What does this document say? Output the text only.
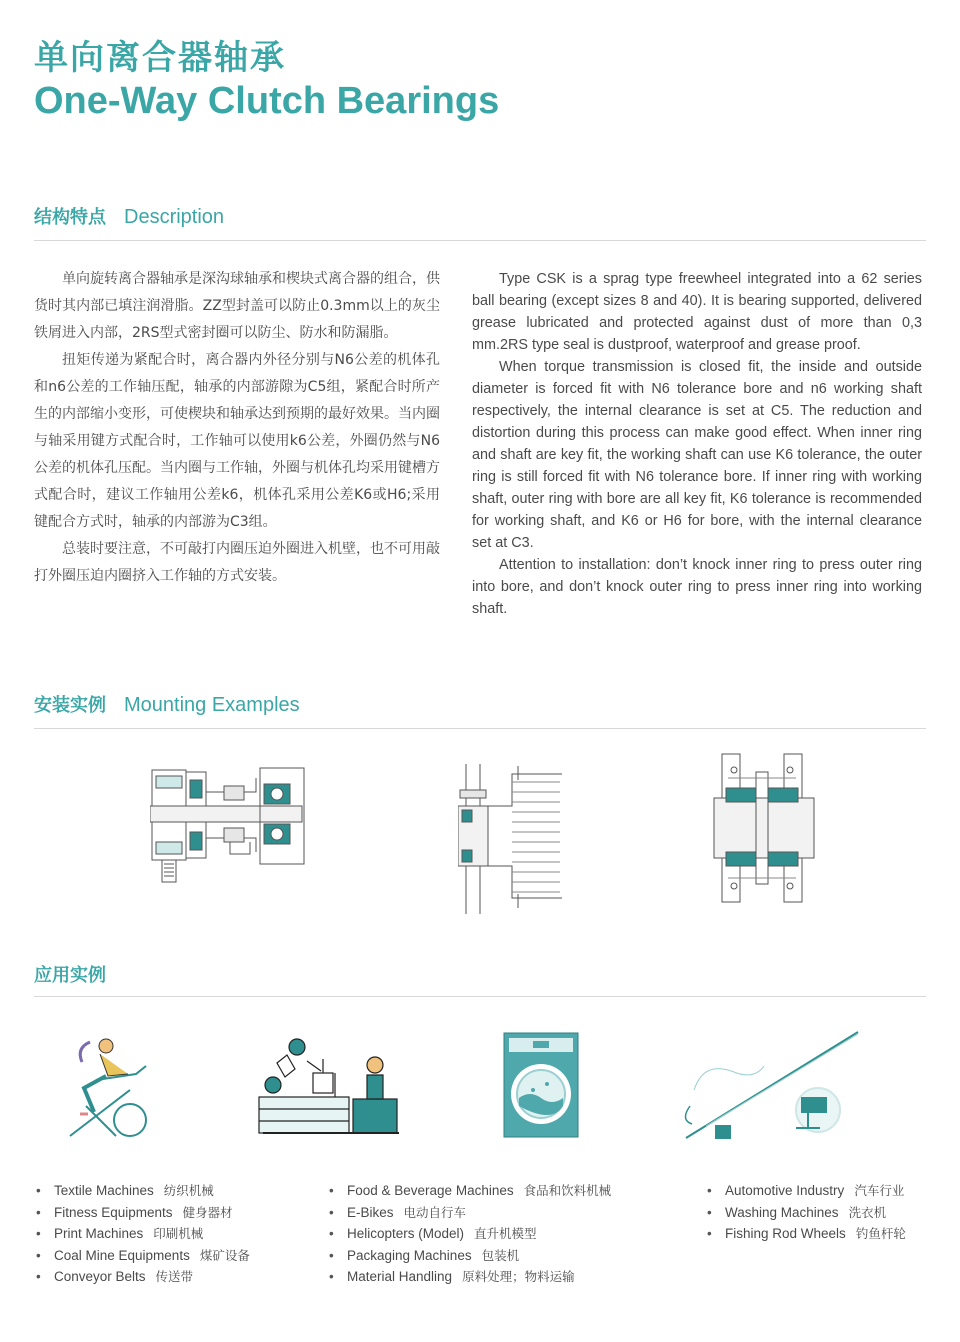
单向离合器轴承
One-Way Clutch Bearings
结构特点 Description

单向旋转离合器轴承是深沟球轴承和楔块式离合器的组合，供货时其内部已填注润滑脂。ZZ型封盖可以防止0.3mm以上的灰尘铁屑进入内部，2RS型式密封圈可以防尘、防水和防漏脂。

扭矩传递为紧配合时，离合器内外径分别与N6公差的机体孔和n6公差的工作轴压配，轴承的内部游隙为C5组，紧配合时所产生的内部缩小变形，可使楔块和轴承达到预期的最好效果。当内圈与轴采用键方式配合时，工作轴可以使用k6公差，外圈仍然与N6公差的机体孔压配。当内圈与工作轴，外圈与机体孔均采用键槽方式配合时，建议工作轴用公差k6，机体孔采用公差K6或H6;采用键配合方式时，轴承的内部游为C3组。

总装时要注意，不可敲打内圈压迫外圈进入机壁，也不可用敲打外圈压迫内圈挤入工作轴的方式安装。

Type CSK is a sprag type freewheel integrated into a 62 series ball bearing (except sizes 8 and 40). It is bearing supported, delivered grease lubricated and protected against dust of more than 0,3 mm.2RS type seal is dustproof, waterproof and grease proof.

When torque transmission is closed fit, the inside and outside diameter is forced fit with N6 tolerance bore and n6 working shaft respectively, the internal clearance is set at C5. The reduction and distortion during this process can make good effect. When inner ring and shaft are key fit, the working shaft can use K6 tolerance, the outer ring is still forced fit with N6 tolerance bore. If inner ring with working shaft, outer ring with bore are all key fit, K6 tolerance is recommended for working shaft, and K6 or H6 for bore, with the internal clearance set at C3.

Attention to installation: don’t knock inner ring to press outer ring into bore, and don’t knock outer ring to press inner ring into working shaft.

安装实例 Mounting Examples
应用实例
• Textile Machines 纺织机械
• Fitness Equipments 健身器材
• Print Machines 印刷机械
• Coal Mine Equipments 煤矿设备
• Conveyor Belts 传送带
• Food & Beverage Machines 食品和饮料机械
• E-Bikes 电动自行车
• Helicopters (Model) 直升机模型
• Packaging Machines 包装机
• Material Handling 原料处理；物料运输
• Automotive Industry 汽车行业
• Washing Machines 洗衣机
• Fishing Rod Wheels 钓鱼杆轮
